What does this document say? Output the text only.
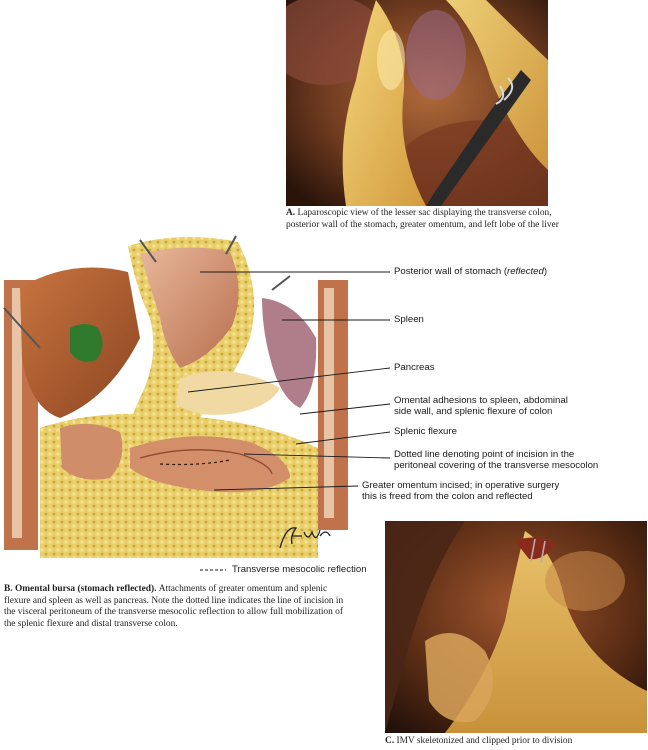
A. Laparoscopic view of the lesser sac displaying the transverse colon, posterior wall of the stomach, greater omentum, and left lobe of the liver
Posterior wall of stomach (reflected)
Spleen
Pancreas
Omental adhesions to spleen, abdominal
side wall, and splenic flexure of colon
Splenic flexure
Dotted line denoting point of incision in the
peritoneal covering of the transverse mesocolon
Greater omentum incised; in operative surgery
this is freed from the colon and reflected
Transverse mesocolic reflection
B. Omental bursa (stomach reflected). Attachments of greater omentum and splenic flexure and spleen as well as pancreas. Note the dotted line indicates the line of incision in the visceral peritoneum of the transverse mesocolic reflection to allow full mobilization of the splenic flexure and distal transverse colon.
C. IMV skeletonized and clipped prior to division
